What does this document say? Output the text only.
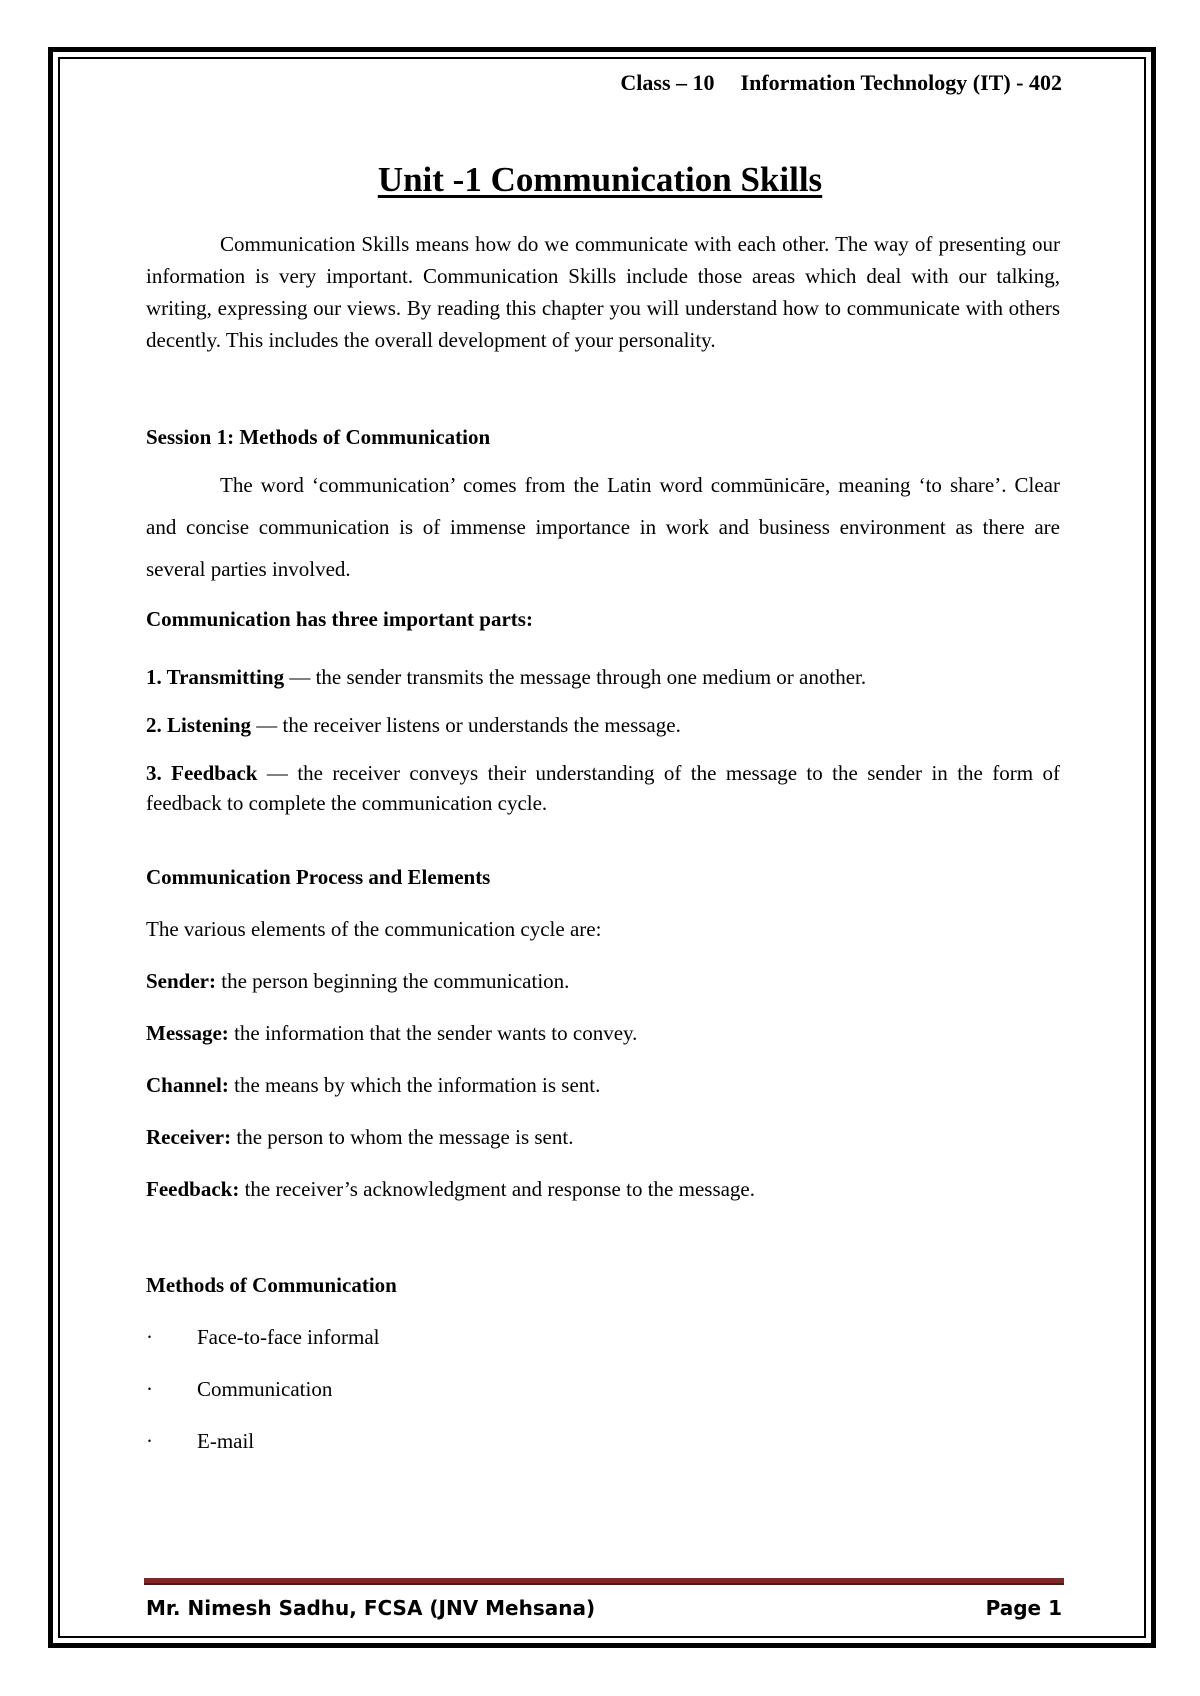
Class – 10 Information Technology (IT) - 402
Unit -1 Communication Skills

Communication Skills means how do we communicate with each other. The way of presenting our information is very important. Communication Skills include those areas which deal with our talking, writing, expressing our views. By reading this chapter you will understand how to communicate with others decently. This includes the overall development of your personality.

Session 1: Methods of Communication

The word ‘communication’ comes from the Latin word commūnicāre, meaning ‘to share’. Clear and concise communication is of immense importance in work and business environment as there are several parties involved.

Communication has three important parts:

1. Transmitting — the sender transmits the message through one medium or another.

2. Listening — the receiver listens or understands the message.

3. Feedback — the receiver conveys their understanding of the message to the sender in the form of feedback to complete the communication cycle.

Communication Process and Elements

The various elements of the communication cycle are:

Sender: the person beginning the communication.

Message: the information that the sender wants to convey.

Channel: the means by which the information is sent.

Receiver: the person to whom the message is sent.

Feedback: the receiver’s acknowledgment and response to the message.

Methods of Communication

· Face-to-face informal

· Communication

· E-mail

Mr. Nimesh Sadhu, FCSA (JNV Mehsana)	Page 1
